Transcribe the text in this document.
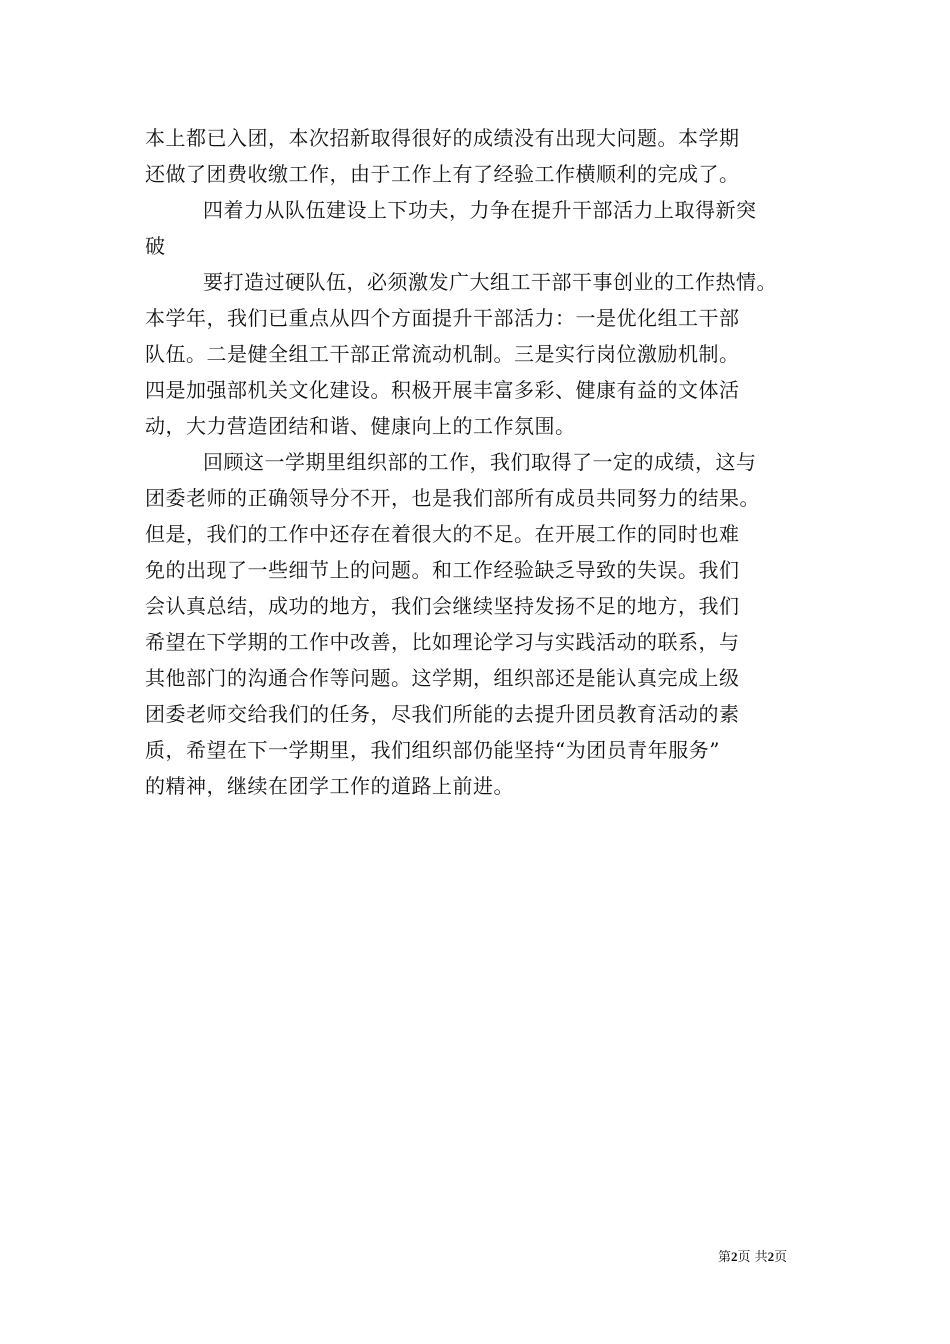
本上都已入团，本次招新取得很好的成绩没有出现大问题。本学期
还做了团费收缴工作，由于工作上有了经验工作横顺利的完成了。
四着力从队伍建设上下功夫，力争在提升干部活力上取得新突
破
要打造过硬队伍，必须激发广大组工干部干事创业的工作热情。
本学年，我们已重点从四个方面提升干部活力：一是优化组工干部
队伍。二是健全组工干部正常流动机制。三是实行岗位激励机制。
四是加强部机关文化建设。积极开展丰富多彩、健康有益的文体活
动，大力营造团结和谐、健康向上的工作氛围。
回顾这一学期里组织部的工作，我们取得了一定的成绩，这与
团委老师的正确领导分不开，也是我们部所有成员共同努力的结果。
但是，我们的工作中还存在着很大的不足。在开展工作的同时也难
免的出现了一些细节上的问题。和工作经验缺乏导致的失误。我们
会认真总结，成功的地方，我们会继续坚持发扬不足的地方，我们
希望在下学期的工作中改善，比如理论学习与实践活动的联系，与
其他部门的沟通合作等问题。这学期，组织部还是能认真完成上级
团委老师交给我们的任务，尽我们所能的去提升团员教育活动的素
质，希望在下一学期里，我们组织部仍能坚持“为团员青年服务”
的精神，继续在团学工作的道路上前进。
第2页 共2页
